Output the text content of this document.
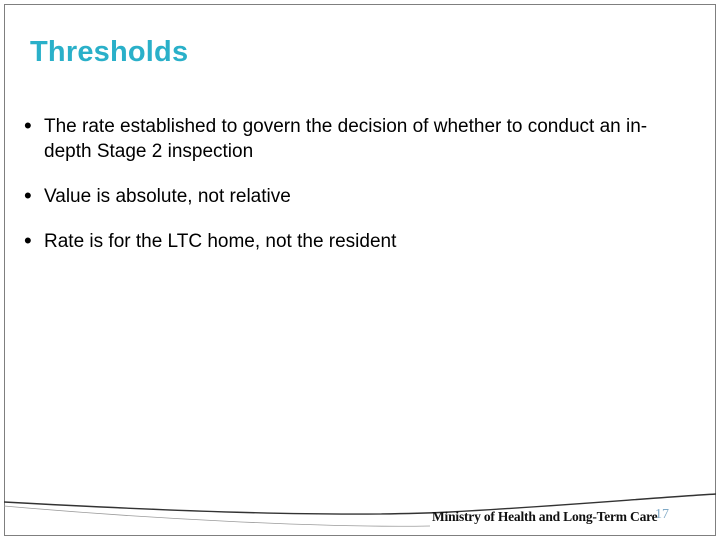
Thresholds
• The rate established to govern the decision of whether to conduct an in-depth Stage 2 inspection
• Value is absolute, not relative
• Rate is for the LTC home, not the resident
Ministry of Health and Long-Term Care
17
